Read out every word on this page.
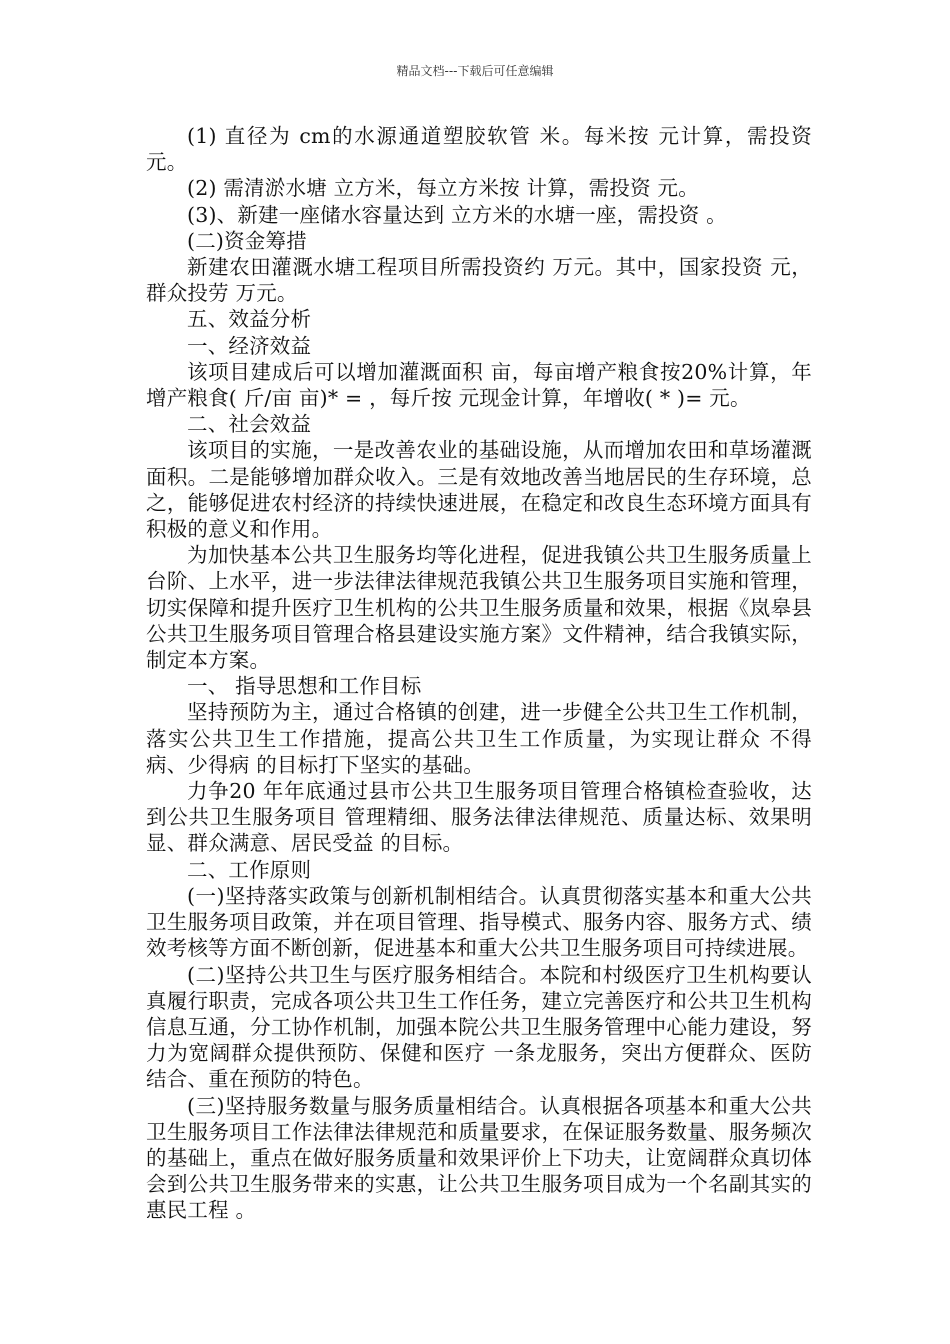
精品文档---下载后可任意编辑

(1) 直径为 cm的水源通道塑胶软管 米。每米按 元计算，需投资 元。

(2) 需清淤水塘 立方米，每立方米按 计算，需投资 元。

(3)、新建一座储水容量达到 立方米的水塘一座，需投资 。

(二)资金筹措

新建农田灌溉水塘工程项目所需投资约 万元。其中，国家投资 元，群众投劳 万元。

五、效益分析

一、经济效益

该项目建成后可以增加灌溉面积 亩，每亩增产粮食按20%计算，年增产粮食( 斤/亩 亩)* = ，每斤按 元现金计算，年增收( * )= 元。

二、社会效益

该项目的实施，一是改善农业的基础设施，从而增加农田和草场灌溉面积。二是能够增加群众收入。三是有效地改善当地居民的生存环境，总之，能够促进农村经济的持续快速进展，在稳定和改良生态环境方面具有积极的意义和作用。

为加快基本公共卫生服务均等化进程，促进我镇公共卫生服务质量上台阶、上水平，进一步法律法律规范我镇公共卫生服务项目实施和管理，切实保障和提升医疗卫生机构的公共卫生服务质量和效果，根据《岚皋县公共卫生服务项目管理合格县建设实施方案》文件精神，结合我镇实际，制定本方案。

一、 指导思想和工作目标

坚持预防为主，通过合格镇的创建，进一步健全公共卫生工作机制，落实公共卫生工作措施，提高公共卫生工作质量，为实现让群众 不得病、少得病 的目标打下坚实的基础。

力争20 年年底通过县市公共卫生服务项目管理合格镇检查验收，达到公共卫生服务项目 管理精细、服务法律法律规范、质量达标、效果明显、群众满意、居民受益 的目标。

二、工作原则

(一)坚持落实政策与创新机制相结合。认真贯彻落实基本和重大公共卫生服务项目政策，并在项目管理、指导模式、服务内容、服务方式、绩效考核等方面不断创新，促进基本和重大公共卫生服务项目可持续进展。

(二)坚持公共卫生与医疗服务相结合。本院和村级医疗卫生机构要认真履行职责，完成各项公共卫生工作任务，建立完善医疗和公共卫生机构信息互通，分工协作机制，加强本院公共卫生服务管理中心能力建设，努力为宽阔群众提供预防、保健和医疗 一条龙服务，突出方便群众、医防结合、重在预防的特色。

(三)坚持服务数量与服务质量相结合。认真根据各项基本和重大公共卫生服务项目工作法律法律规范和质量要求，在保证服务数量、服务频次的基础上，重点在做好服务质量和效果评价上下功夫，让宽阔群众真切体会到公共卫生服务带来的实惠，让公共卫生服务项目成为一个名副其实的 惠民工程 。
